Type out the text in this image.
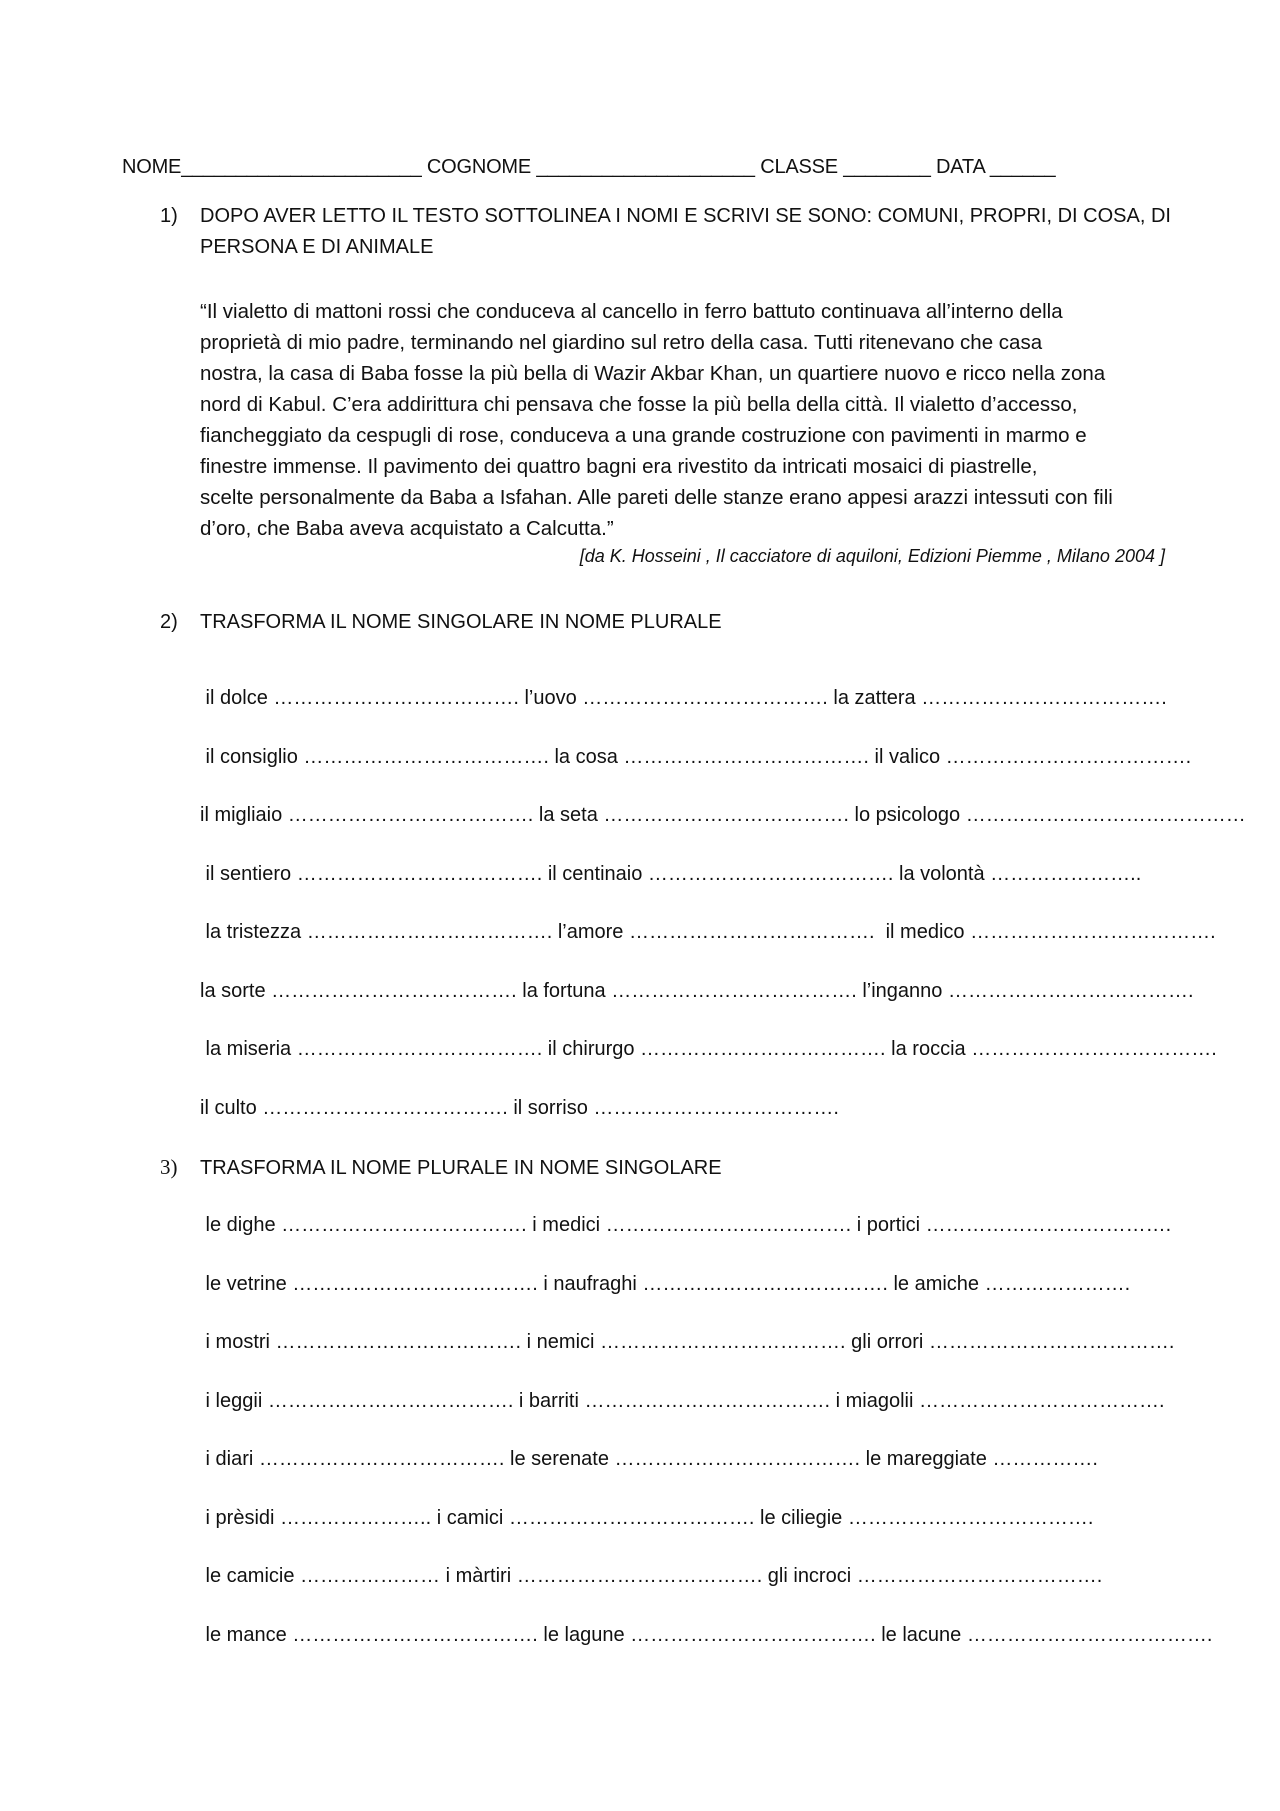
NOME______________________ COGNOME ____________________ CLASSE ________ DATA ______
1) DOPO AVER LETTO IL TESTO SOTTOLINEA I NOMI E SCRIVI SE SONO: COMUNI, PROPRI, DI COSA, DI
PERSONA E DI ANIMALE

“Il vialetto di mattoni rossi che conduceva al cancello in ferro battuto continuava all’interno della

proprietà di mio padre, terminando nel giardino sul retro della casa. Tutti ritenevano che casa

nostra, la casa di Baba fosse la più bella di Wazir Akbar Khan, un quartiere nuovo e ricco nella zona

nord di Kabul. C’era addirittura chi pensava che fosse la più bella della città. Il vialetto d’accesso,

fiancheggiato da cespugli di rose, conduceva a una grande costruzione con pavimenti in marmo e

finestre immense. Il pavimento dei quattro bagni era rivestito da intricati mosaici di piastrelle,

scelte personalmente da Baba a Isfahan. Alle pareti delle stanze erano appesi arazzi intessuti con fili

d’oro, che Baba aveva acquistato a Calcutta.”

[da K. Hosseini , Il cacciatore di aquiloni, Edizioni Piemme , Milano 2004 ]
2) TRASFORMA IL NOME SINGOLARE IN NOME PLURALE
il dolce ………………………………. l’uovo ………………………………. la zattera ……………………………….
il consiglio ………………………………. la cosa ………………………………. il valico ……………………………….
il migliaio ………………………………. la seta ………………………………. lo psicologo ……………………………………
il sentiero ………………………………. il centinaio ………………………………. la volontà …………………..
la tristezza ………………………………. l’amore ……………………………….  il medico ……………………………….
la sorte ………………………………. la fortuna ………………………………. l’inganno ……………………………….
la miseria ………………………………. il chirurgo ………………………………. la roccia ……………………………….
il culto ………………………………. il sorriso ……………………………….
3) TRASFORMA IL NOME PLURALE IN NOME SINGOLARE
le dighe ………………………………. i medici ………………………………. i portici ……………………………….
le vetrine ………………………………. i naufraghi ………………………………. le amiche ………………….
i mostri ………………………………. i nemici ………………………………. gli orrori ……………………………….
i leggii ………………………………. i barriti ………………………………. i miagolii ……………………………….
i diari ………………………………. le serenate ………………………………. le mareggiate …………….
i prèsidi ………………….. i camici ………………………………. le ciliegie ……………………………….
le camicie ………………… i màrtiri ………………………………. gli incroci ……………………………….
le mance ………………………………. le lagune ………………………………. le lacune ……………………………….
